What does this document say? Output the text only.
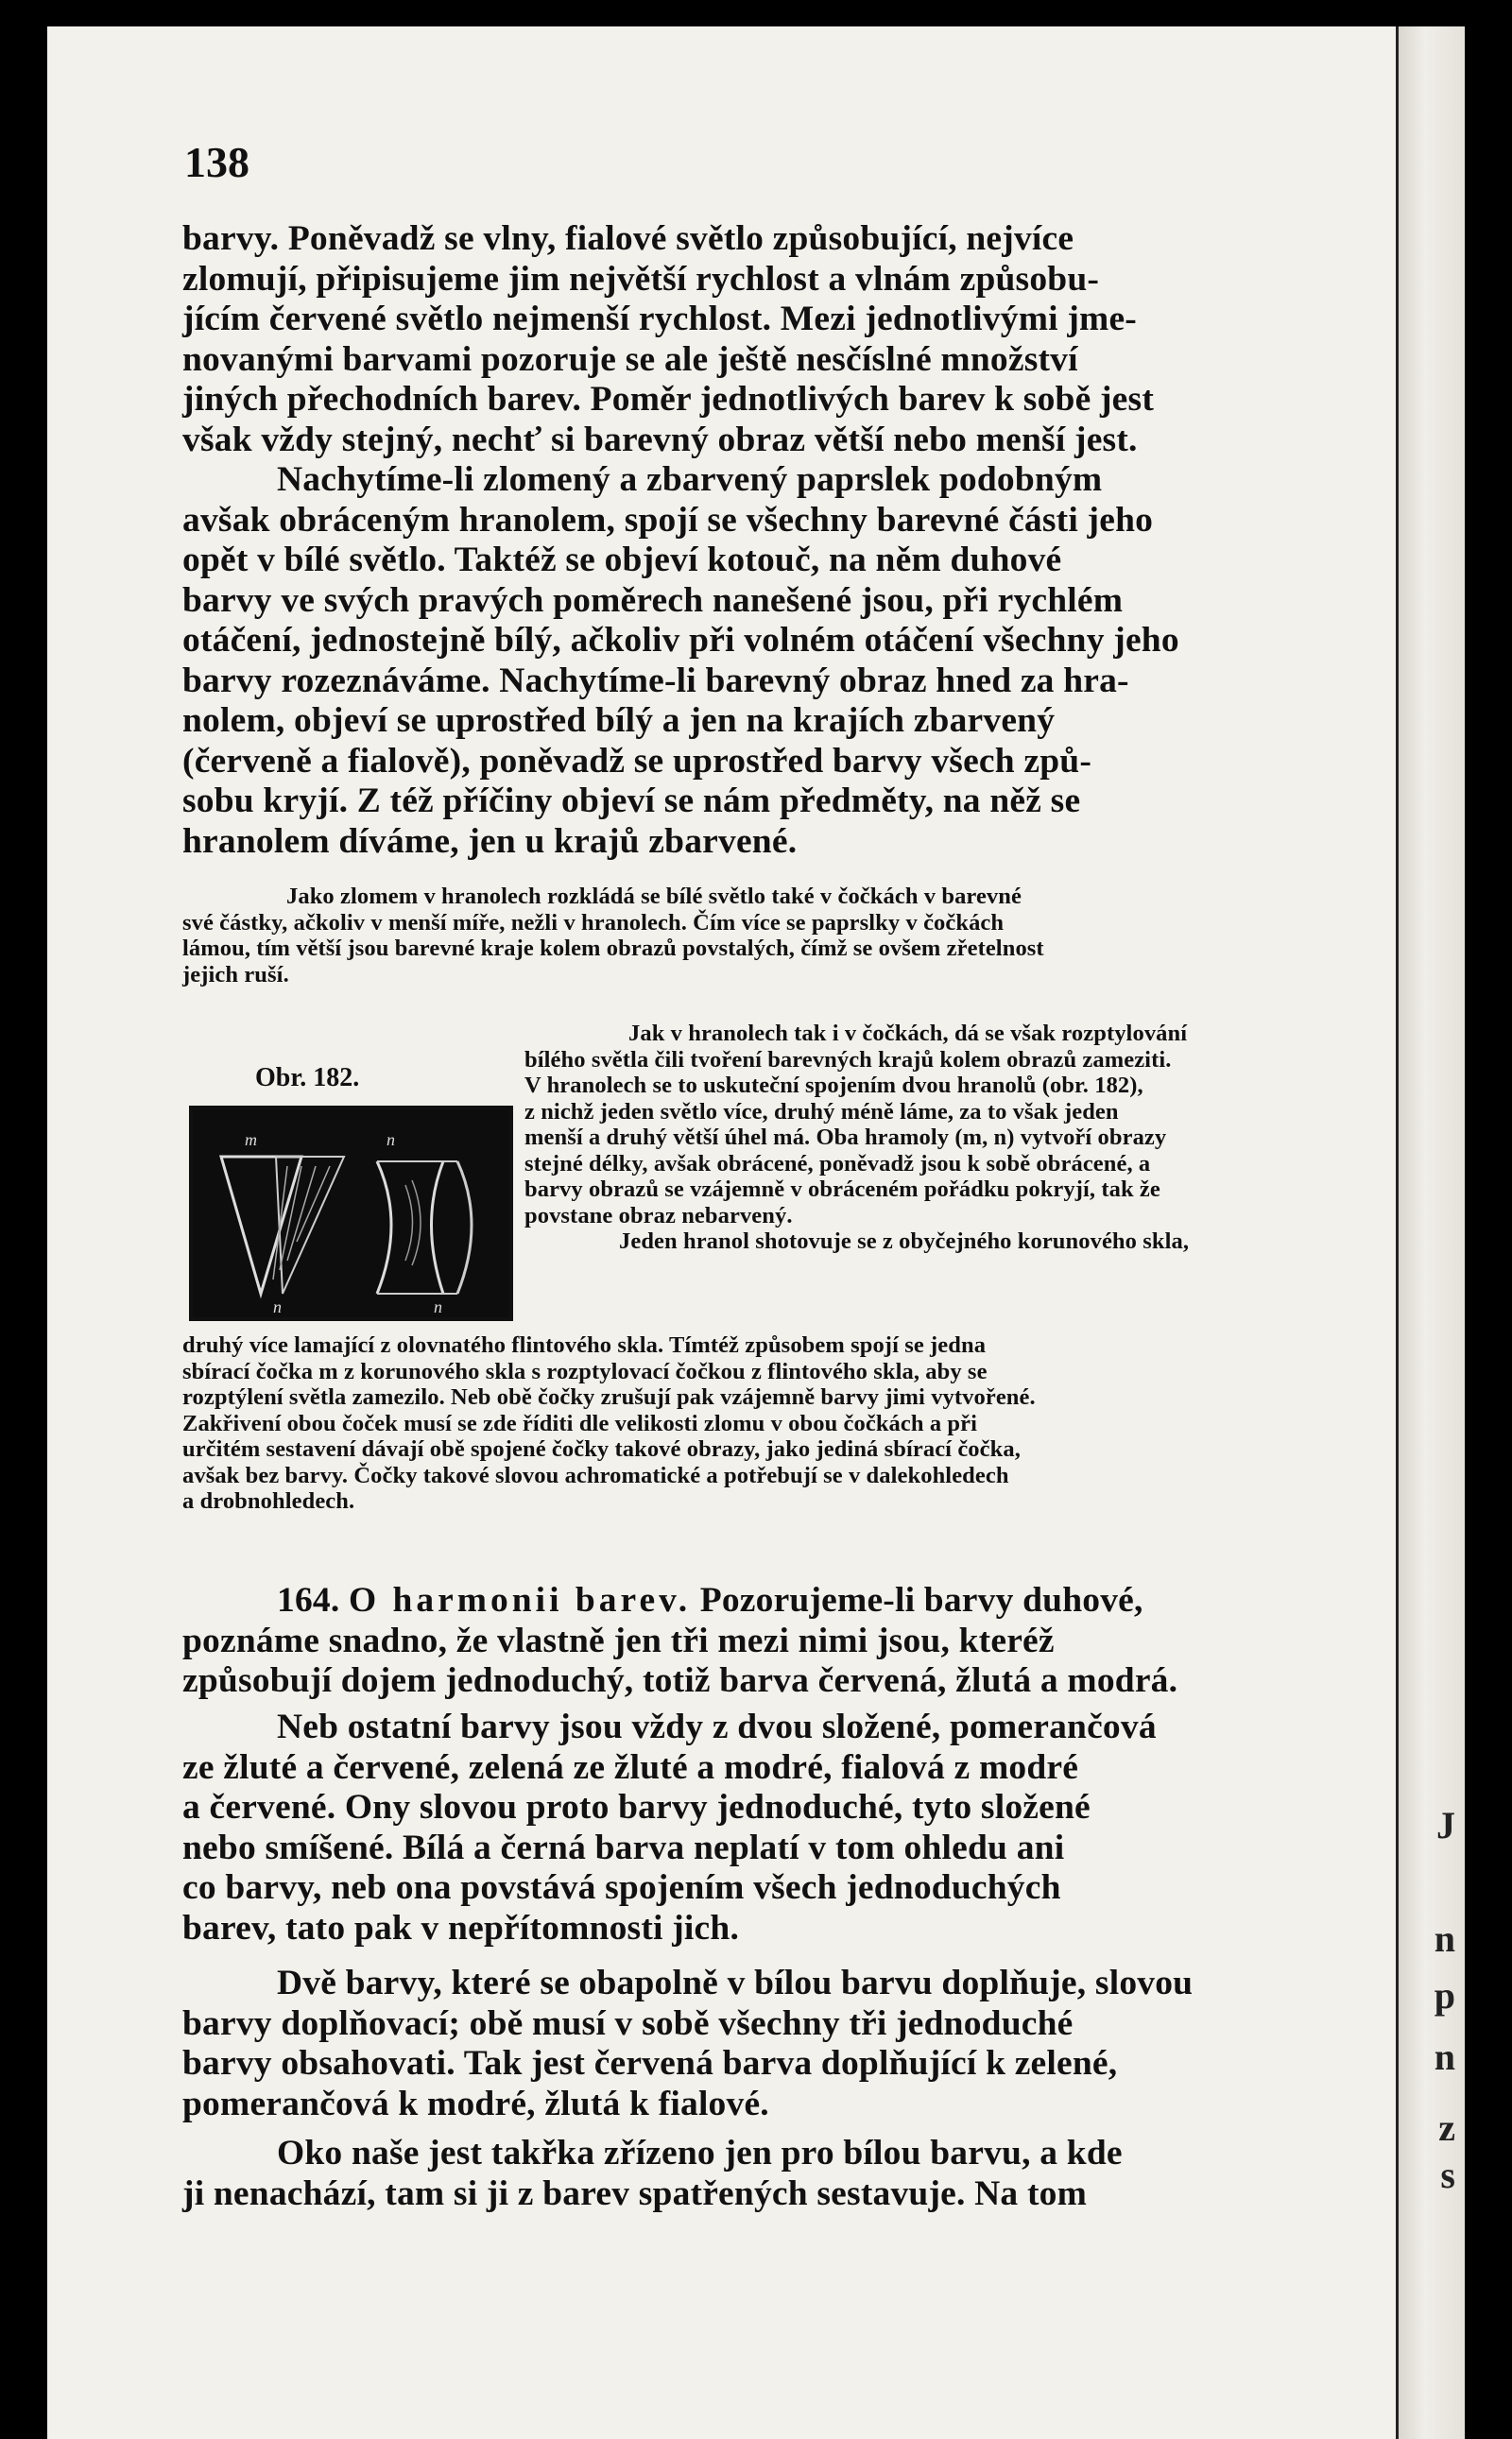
J
n
p
n
z
s
138
barvy. Poněvadž se vlny, fialové světlo způsobující, nejvíce
zlomují, připisujeme jim největší rychlost a vlnám způsobu-
jícím červené světlo nejmenší rychlost. Mezi jednotlivými jme-
novanými barvami pozoruje se ale ještě nesčíslné množství
jiných přechodních barev. Poměr jednotlivých barev k sobě jest
však vždy stejný, nechť si barevný obraz větší nebo menší jest.
Nachytíme-li zlomený a zbarvený paprslek podobným
avšak obráceným hranolem, spojí se všechny barevné části jeho
opět v bílé světlo. Taktéž se objeví kotouč, na něm duhové
barvy ve svých pravých poměrech nanešené jsou, při rychlém
otáčení, jednostejně bílý, ačkoliv při volném otáčení všechny jeho
barvy rozeznáváme. Nachytíme-li barevný obraz hned za hra-
nolem, objeví se uprostřed bílý a jen na krajích zbarvený
(červeně a fialově), poněvadž se uprostřed barvy všech způ-
sobu kryjí. Z též příčiny objeví se nám předměty, na něž se
hranolem díváme, jen u krajů zbarvené.
Jako zlomem v hranolech rozkládá se bílé světlo také v čočkách v barevné
své částky, ačkoliv v menší míře, nežli v hranolech. Čím více se paprslky v čočkách
lámou, tím větší jsou barevné kraje kolem obrazů povstalých, čímž se ovšem zřetelnost
jejich ruší.
Obr. 182.
m	n
n	n
Jak v hranolech tak i v čočkách, dá se však rozptylování
bílého světla čili tvoření barevných krajů kolem obrazů zameziti.
V hranolech se to uskuteční spojením dvou hranolů (obr. 182),
z nichž jeden světlo více, druhý méně láme, za to však jeden
menší a druhý větší úhel má. Oba hramoly (m, n) vytvoří obrazy
stejné délky, avšak obrácené, poněvadž jsou k sobě obrácené, a
barvy obrazů se vzájemně v obráceném pořádku pokryjí, tak že
povstane obraz nebarvený.
Jeden hranol shotovuje se z obyčejného korunového skla,
druhý více lamající z olovnatého flintového skla. Tímtéž způsobem spojí se jedna
sbírací čočka m z korunového skla s rozptylovací čočkou z flintového skla, aby se
rozptýlení světla zamezilo. Neb obě čočky zrušují pak vzájemně barvy jimi vytvořené.
Zakřivení obou čoček musí se zde říditi dle velikosti zlomu v obou čočkách a při
určitém sestavení dávají obě spojené čočky takové obrazy, jako jediná sbírací čočka,
avšak bez barvy. Čočky takové slovou achromatické a potřebují se v dalekohledech
a drobnohledech.
164. O harmonii barev. Pozorujeme-li barvy duhové,
poznáme snadno, že vlastně jen tři mezi nimi jsou, kteréž
způsobují dojem jednoduchý, totiž barva červená, žlutá a modrá.
Neb ostatní barvy jsou vždy z dvou složené, pomerančová
ze žluté a červené, zelená ze žluté a modré, fialová z modré
a červené. Ony slovou proto barvy jednoduché, tyto složené
nebo smíšené. Bílá a černá barva neplatí v tom ohledu ani
co barvy, neb ona povstává spojením všech jednoduchých
barev, tato pak v nepřítomnosti jich.
Dvě barvy, které se obapolně v bílou barvu doplňuje, slovou
barvy doplňovací; obě musí v sobě všechny tři jednoduché
barvy obsahovati. Tak jest červená barva doplňující k zelené,
pomerančová k modré, žlutá k fialové.
Oko naše jest takřka zřízeno jen pro bílou barvu, a kde
ji nenachází, tam si ji z barev spatřených sestavuje. Na tom
